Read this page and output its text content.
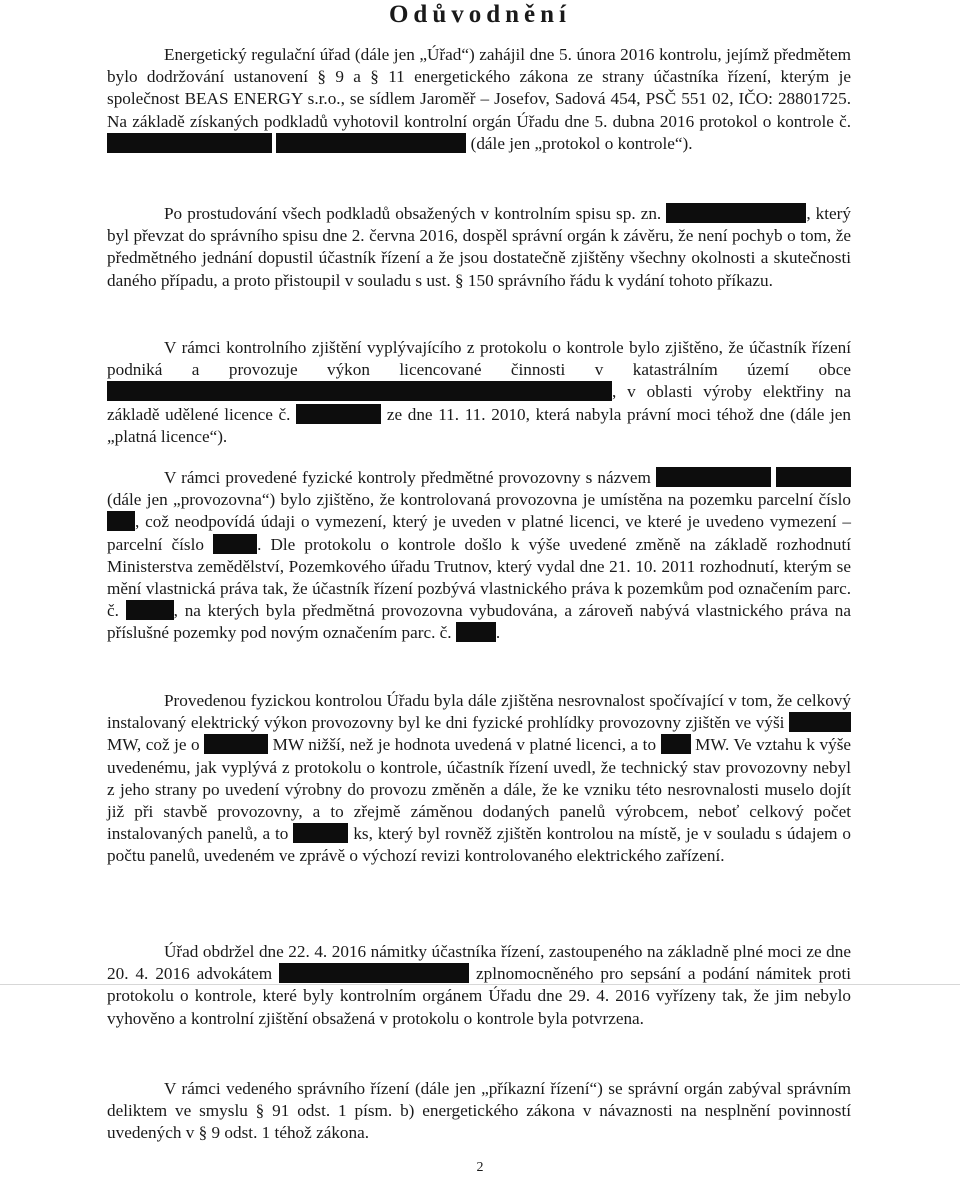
Odůvodnění
Energetický regulační úřad (dále jen „Úřad“) zahájil dne 5. února 2016 kontrolu, jejímž předmětem bylo dodržování ustanovení § 9 a § 11 energetického zákona ze strany účastníka řízení, kterým je společnost BEAS ENERGY s.r.o., se sídlem Jaroměř – Josefov, Sadová 454, PSČ 551 02, IČO: 28801725. Na základě získaných podkladů vyhotovil kontrolní orgán Úřadu dne 5. dubna 2016 protokol o kontrole č.   (dále jen „protokol o kontrole“).
Po prostudování všech podkladů obsažených v kontrolním spisu sp. zn.	, který byl převzat do správního spisu dne 2. června 2016, dospěl správní orgán k závěru, že není pochyb o tom, že předmětného jednání dopustil účastník řízení a že jsou dostatečně zjištěny všechny okolnosti a skutečnosti daného případu, a proto přistoupil v souladu s ust. § 150 správního řádu k vydání tohoto příkazu.
V rámci kontrolního zjištění vyplývajícího z protokolu o kontrole bylo zjištěno, že účastník řízení podniká a provozuje výkon licencované činnosti v katastrálním území obce , v oblasti výroby elektřiny na základě udělené licence č.	ze dne 11. 11. 2010, která nabyla právní moci téhož dne (dále jen „platná licence“).
V rámci provedené fyzické kontroly předmětné provozovny s názvem   (dále jen „provozovna“) bylo zjištěno, že kontrolovaná provozovna je umístěna na pozemku parcelní číslo , což neodpovídá údaji o vymezení, který je uveden v platné licenci, ve které je uvedeno vymezení – parcelní číslo	. Dle protokolu o kontrole došlo k výše uvedené změně na základě rozhodnutí Ministerstva zemědělství, Pozemkového úřadu Trutnov, který vydal dne 21. 10. 2011 rozhodnutí, kterým se mění vlastnická práva tak, že účastník řízení pozbývá vlastnického práva k pozemkům pod označením parc. č.	, na kterých byla předmětná provozovna vybudována, a zároveň nabývá vlastnického práva na příslušné pozemky pod novým označením parc. č.	.
Provedenou fyzickou kontrolou Úřadu byla dále zjištěna nesrovnalost spočívající v tom, že celkový instalovaný elektrický výkon provozovny byl ke dni fyzické prohlídky provozovny zjištěn ve výši  MW, což je o	MW nižší, než je hodnota uvedená v platné licenci, a to MW. Ve vztahu k výše uvedenému, jak vyplývá z protokolu o kontrole, účastník řízení uvedl, že technický stav provozovny nebyl z jeho strany po uvedení výrobny do provozu změněn a dále, že ke vzniku této nesrovnalosti muselo dojít již při stavbě provozovny, a to zřejmě záměnou dodaných panelů výrobcem, neboť celkový počet instalovaných panelů, a to	ks, který byl rovněž zjištěn kontrolou na místě, je v souladu s údajem o počtu panelů, uvedeném ve zprávě o výchozí revizi kontrolovaného elektrického zařízení.
Úřad obdržel dne 22. 4. 2016 námitky účastníka řízení, zastoupeného na základně plné moci ze dne 20. 4. 2016 advokátem	zplnomocněného pro sepsání a podání námitek proti protokolu o kontrole, které byly kontrolním orgánem Úřadu dne 29. 4. 2016 vyřízeny tak, že jim nebylo vyhověno a kontrolní zjištění obsažená v protokolu o kontrole byla potvrzena.
V rámci vedeného správního řízení (dále jen „příkazní řízení“) se správní orgán zabýval správním deliktem ve smyslu § 91 odst. 1 písm. b) energetického zákona v návaznosti na nesplnění povinností uvedených v § 9 odst. 1 téhož zákona.
2
